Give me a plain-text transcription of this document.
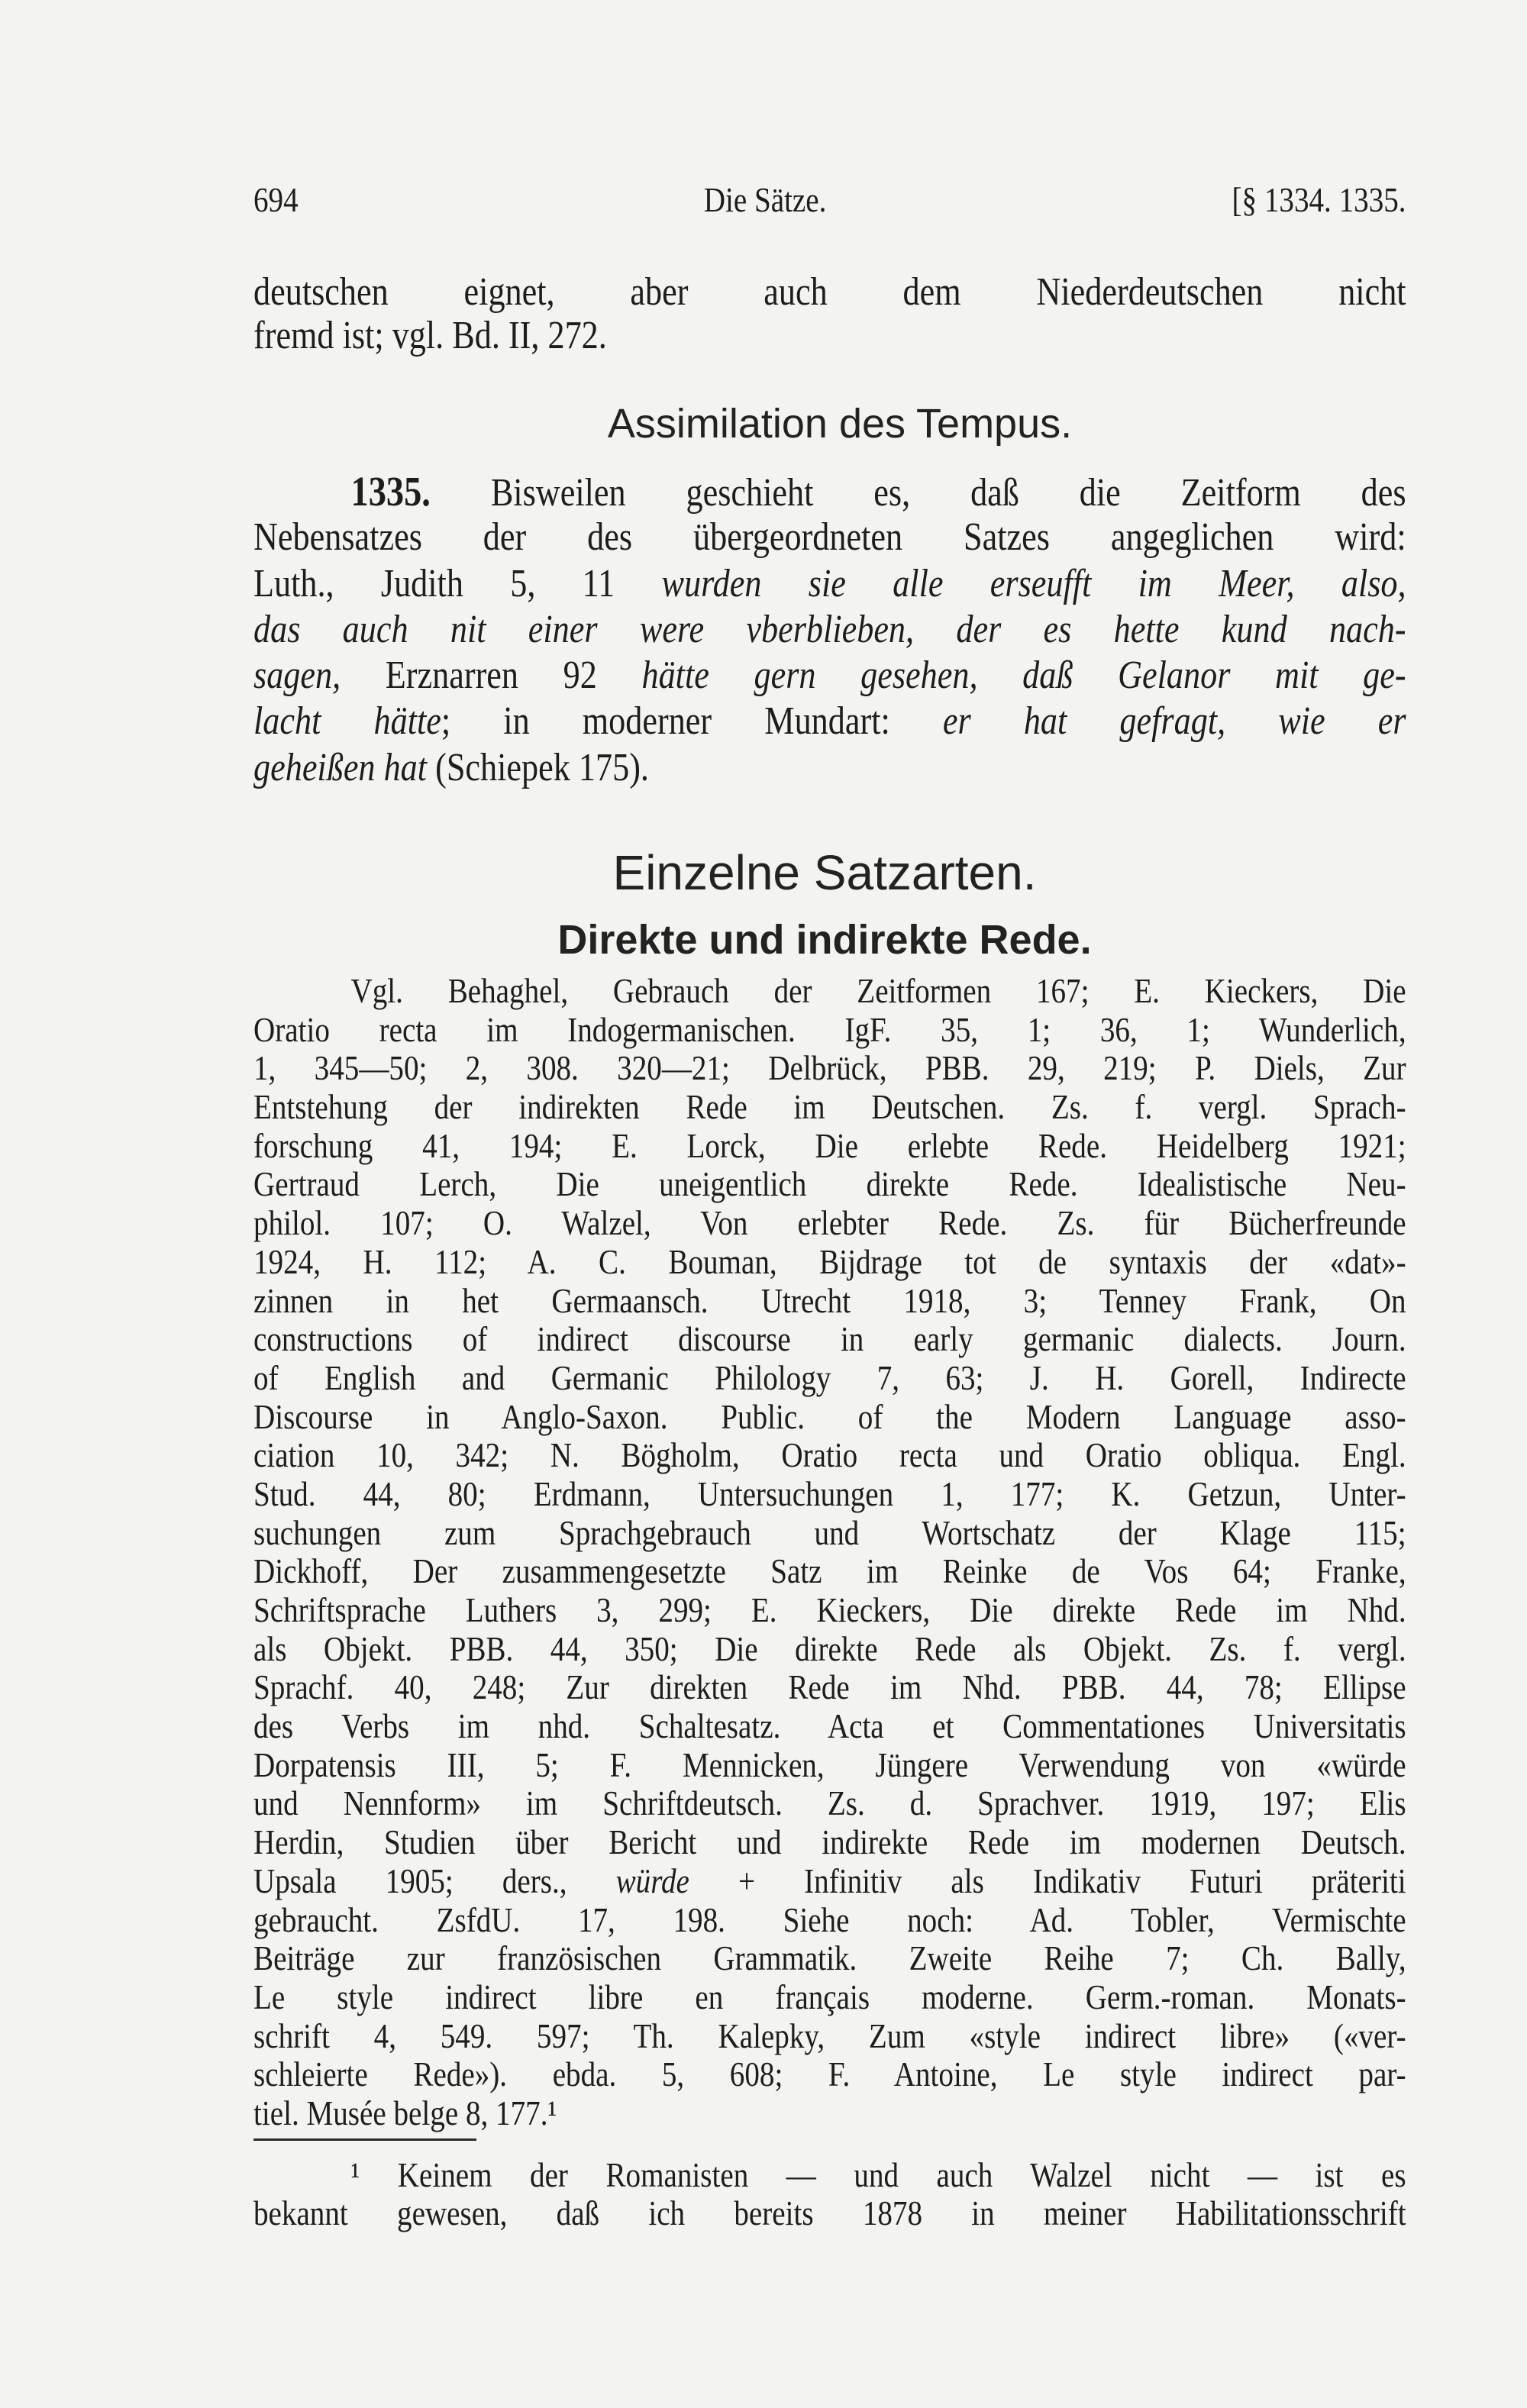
694	Die Sätze.	[§ 1334. 1335.
deutschen eignet, aber auch dem Niederdeutschen nicht
fremd ist; vgl. Bd. II, 272.
Assimilation des Tempus.
1335. Bisweilen geschieht es, daß die Zeitform des
Nebensatzes der des übergeordneten Satzes angeglichen wird:
Luth., Judith 5, 11 wurden sie alle erseufft im Meer, also,
das auch nit einer were vberblieben, der es hette kund nach-
sagen, Erznarren 92 hätte gern gesehen, daß Gelanor mit ge-
lacht hätte; in moderner Mundart: er hat gefragt, wie er
geheißen hat (Schiepek 175).
Einzelne Satzarten.
Direkte und indirekte Rede.
Vgl. Behaghel, Gebrauch der Zeitformen 167; E. Kieckers, Die
Oratio recta im Indogermanischen. IgF. 35, 1; 36, 1; Wunderlich,
1, 345—50; 2, 308. 320—21; Delbrück, PBB. 29, 219; P. Diels, Zur
Entstehung der indirekten Rede im Deutschen. Zs. f. vergl. Sprach-
forschung 41, 194; E. Lorck, Die erlebte Rede. Heidelberg 1921;
Gertraud Lerch, Die uneigentlich direkte Rede. Idealistische Neu-
philol. 107; O. Walzel, Von erlebter Rede. Zs. für Bücherfreunde
1924, H. 112; A. C. Bouman, Bijdrage tot de syntaxis der «dat»-
zinnen in het Germaansch. Utrecht 1918, 3; Tenney Frank, On
constructions of indirect discourse in early germanic dialects. Journ.
of English and Germanic Philology 7, 63; J. H. Gorell, Indirecte
Discourse in Anglo-Saxon. Public. of the Modern Language asso-
ciation 10, 342; N. Bögholm, Oratio recta und Oratio obliqua. Engl.
Stud. 44, 80; Erdmann, Untersuchungen 1, 177; K. Getzun, Unter-
suchungen zum Sprachgebrauch und Wortschatz der Klage 115;
Dickhoff, Der zusammengesetzte Satz im Reinke de Vos 64; Franke,
Schriftsprache Luthers 3, 299; E. Kieckers, Die direkte Rede im Nhd.
als Objekt. PBB. 44, 350; Die direkte Rede als Objekt. Zs. f. vergl.
Sprachf. 40, 248; Zur direkten Rede im Nhd. PBB. 44, 78; Ellipse
des Verbs im nhd. Schaltesatz. Acta et Commentationes Universitatis
Dorpatensis III, 5; F. Mennicken, Jüngere Verwendung von «würde
und Nennform» im Schriftdeutsch. Zs. d. Sprachver. 1919, 197; Elis
Herdin, Studien über Bericht und indirekte Rede im modernen Deutsch.
Upsala 1905; ders., würde + Infinitiv als Indikativ Futuri präteriti
gebraucht. ZsfdU. 17, 198. Siehe noch: Ad. Tobler, Vermischte
Beiträge zur französischen Grammatik. Zweite Reihe 7; Ch. Bally,
Le style indirect libre en français moderne. Germ.-roman. Monats-
schrift 4, 549. 597; Th. Kalepky, Zum «style indirect libre» («ver-
schleierte Rede»). ebda. 5, 608; F. Antoine, Le style indirect par-
tiel. Musée belge 8, 177.¹
¹ Keinem der Romanisten — und auch Walzel nicht — ist es
bekannt gewesen, daß ich bereits 1878 in meiner Habilitationsschrift
